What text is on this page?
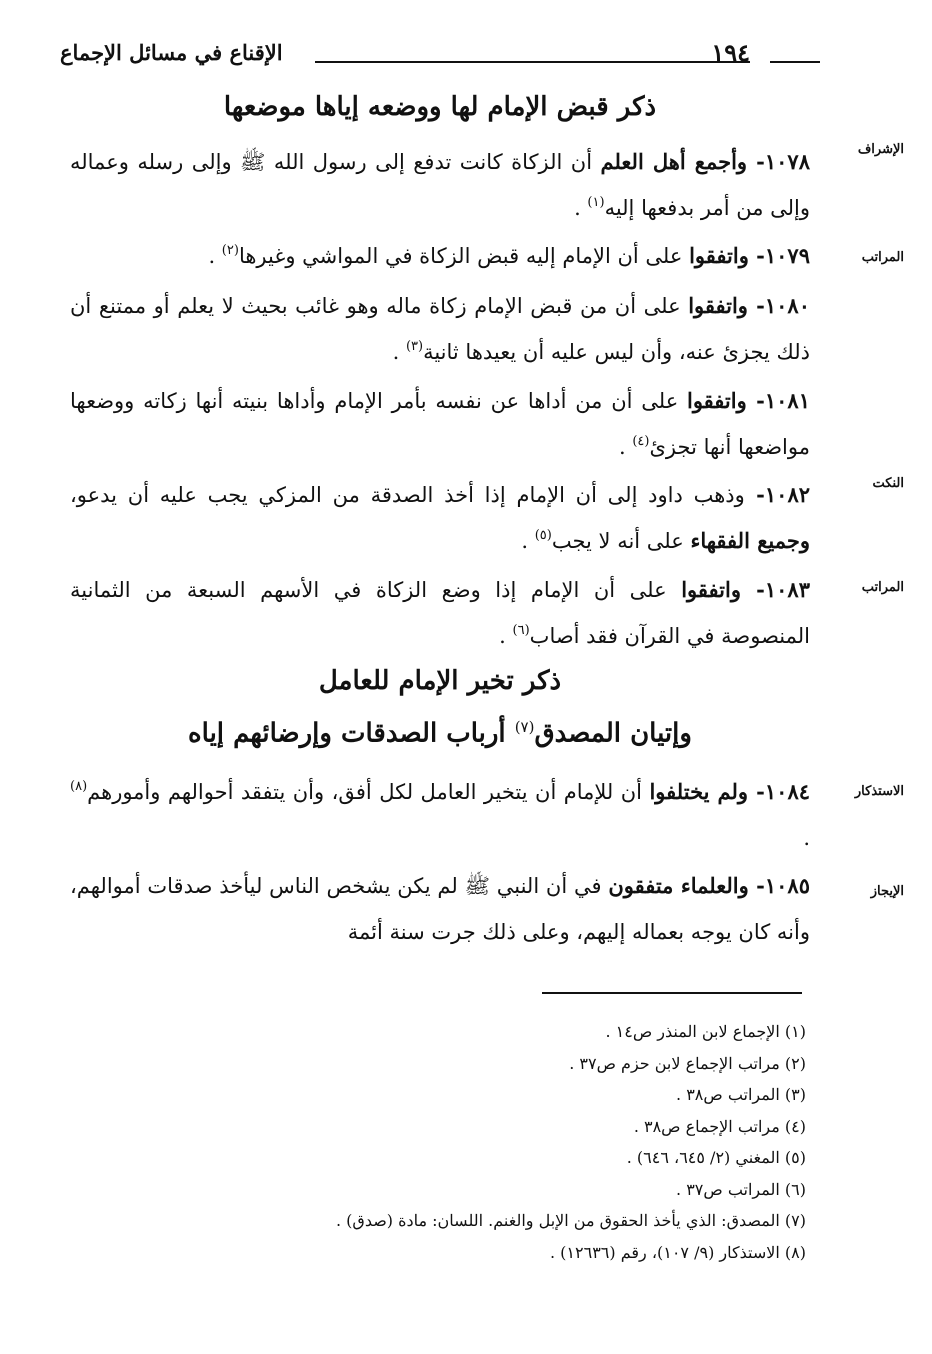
الإقناع في مسائل الإجماع	١٩٤
ذكر قبض الإمام لها ووضعه إياها موضعها
الإشراف
١٠٧٨- وأجمع أهل العلم أن الزكاة كانت تدفع إلى رسول الله ﷺ وإلى رسله وعماله وإلى من أمر بدفعها إليه$^{(١)}$ .
المراتب
١٠٧٩- واتفقوا على أن الإمام إليه قبض الزكاة في المواشي وغيرها$^{(٢)}$ .
١٠٨٠- واتفقوا على أن من قبض الإمام زكاة ماله وهو غائب بحيث لا يعلم أو ممتنع أن ذلك يجزئ عنه، وأن ليس عليه أن يعيدها ثانية$^{(٣)}$ .
١٠٨١- واتفقوا على أن من أداها عن نفسه بأمر الإمام وأداها بنيته أنها زكاته ووضعها مواضعها أنها تجزئ$^{(٤)}$ .
النكت
١٠٨٢- وذهب داود إلى أن الإمام إذا أخذ الصدقة من المزكي يجب عليه أن يدعو، وجميع الفقهاء على أنه لا يجب$^{(٥)}$ .
المراتب
١٠٨٣- واتفقوا على أن الإمام إذا وضع الزكاة في الأسهم السبعة من الثمانية المنصوصة في القرآن فقد أصاب$^{(٦)}$ .
ذكر تخير الإمام للعامل
وإتيان المصدق$^{(٧)}$ أرباب الصدقات وإرضائهم إياه
الاستذكار
١٠٨٤- ولم يختلفوا أن للإمام أن يتخير العامل لكل أفق، وأن يتفقد أحوالهم وأمورهم$^{(٨)}$ .
الإيجاز
١٠٨٥- والعلماء متفقون في أن النبي ﷺ لم يكن يشخص الناس ليأخذ صدقات أموالهم، وأنه كان يوجه بعماله إليهم، وعلى ذلك جرت سنة أئمة
(١) الإجماع لابن المنذر ص١٤ .
(٢) مراتب الإجماع لابن حزم ص٣٧ .
(٣) المراتب ص٣٨ .
(٤) مراتب الإجماع ص٣٨ .
(٥) المغني (٢/ ٦٤٥، ٦٤٦) .
(٦) المراتب ص٣٧ .
(٧) المصدق: الذي يأخذ الحقوق من الإبل والغنم. اللسان: مادة (صدق) .
(٨) الاستذكار (٩/ ١٠٧)، رقم (١٢٦٣٦) .
